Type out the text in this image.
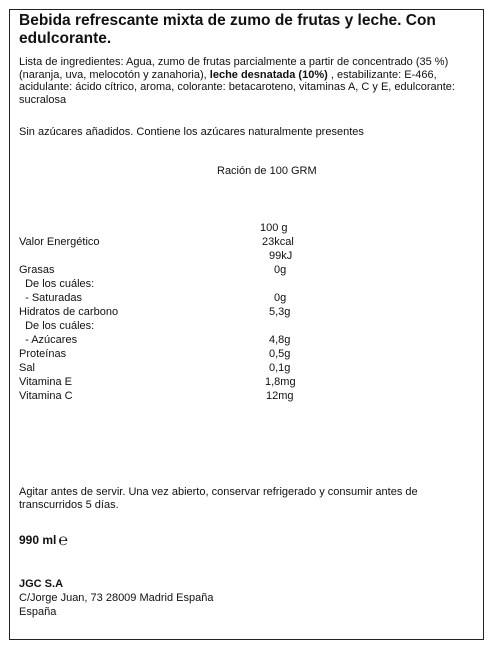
Bebida refrescante mixta de zumo de frutas y leche. Con edulcorante.
Lista de ingredientes: Agua, zumo de frutas parcialmente a partir de concentrado (35 %) (naranja, uva, melocotón y zanahoria), leche desnatada (10%) , estabilizante: E-466, acidulante: ácido cítrico, aroma, colorante: betacaroteno, vitaminas A, C y E, edulcorante: sucralosa
Sin azúcares añadidos. Contiene los azúcares naturalmente presentes
Ración de 100 GRM
100 g
Valor Energético	23kcal
99kJ
Grasas	0g
De los cuáles:
- Saturadas	0g
Hidratos de carbono	5,3g
De los cuáles:
- Azúcares	4,8g
Proteínas	0,5g
Sal	0,1g
Vitamina E	1,8mg
Vitamina C	12mg
Agitar antes de servir. Una vez abierto, conservar refrigerado y consumir antes de transcurridos 5 días.
990 ml ℮
JGC S.A
C/Jorge Juan, 73 28009 Madrid España
España
